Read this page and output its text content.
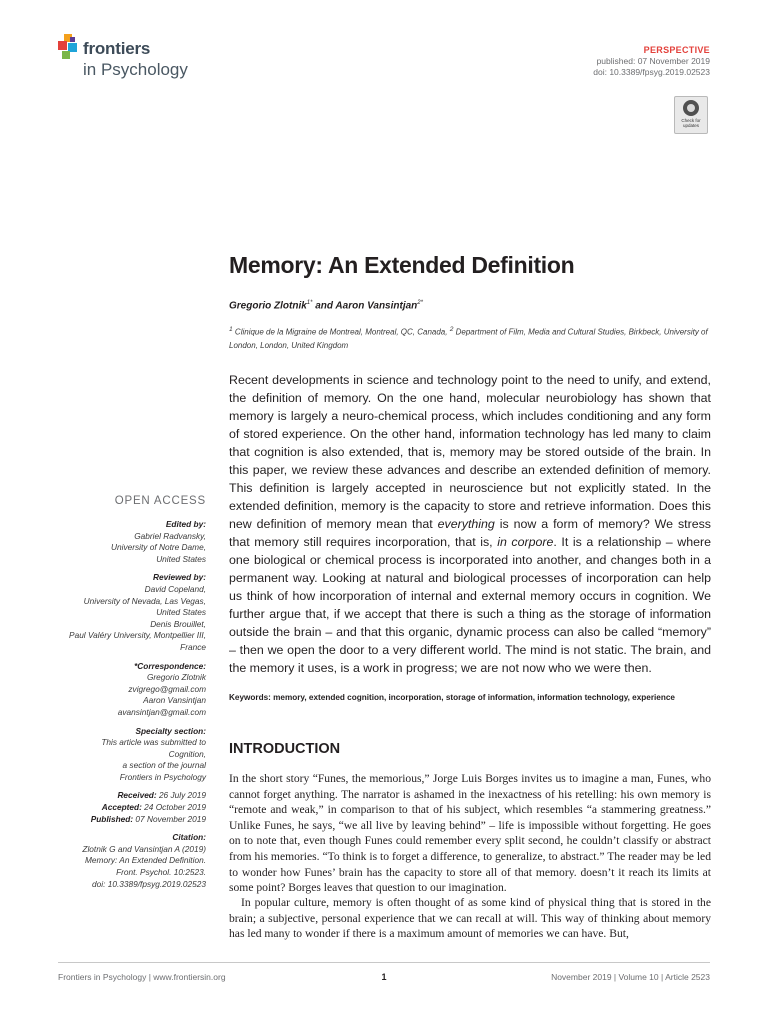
frontiers
in Psychology
PERSPECTIVE
published: 07 November 2019
doi: 10.3389/fpsyg.2019.02523
Check for updates
Memory: An Extended Definition
Gregorio Zlotnik$^{1*}$ and Aaron Vansintjan$^{2*}$
$^1$ Clinique de la Migraine de Montreal, Montreal, QC, Canada, $^2$ Department of Film, Media and Cultural Studies, Birkbeck, University of London, London, United Kingdom
Recent developments in science and technology point to the need to unify, and extend, the definition of memory. On the one hand, molecular neurobiology has shown that memory is largely a neuro-chemical process, which includes conditioning and any form of stored experience. On the other hand, information technology has led many to claim that cognition is also extended, that is, memory may be stored outside of the brain. In this paper, we review these advances and describe an extended definition of memory. This definition is largely accepted in neuroscience but not explicitly stated. In the extended definition, memory is the capacity to store and retrieve information. Does this new definition of memory mean that everything is now a form of memory? We stress that memory still requires incorporation, that is, in corpore. It is a relationship – where one biological or chemical process is incorporated into another, and changes both in a permanent way. Looking at natural and biological processes of incorporation can help us think of how incorporation of internal and external memory occurs in cognition. We further argue that, if we accept that there is such a thing as the storage of information outside the brain – and that this organic, dynamic process can also be called “memory” – then we open the door to a very different world. The mind is not static. The brain, and the memory it uses, is a work in progress; we are not now who we were then.
Keywords: memory, extended cognition, incorporation, storage of information, information technology, experience
OPEN ACCESS
Edited by:
Gabriel Radvansky,
University of Notre Dame,
United States
Reviewed by:
David Copeland,
University of Nevada, Las Vegas,
United States
Denis Brouillet,
Paul Valéry University, Montpellier III,
France
*Correspondence:
Gregorio Zlotnik
zvigrego@gmail.com
Aaron Vansintjan
avansintjan@gmail.com
Specialty section:
This article was submitted to
Cognition,
a section of the journal
Frontiers in Psychology
Received: 26 July 2019
Accepted: 24 October 2019
Published: 07 November 2019
Citation:
Zlotnik G and Vansintjan A (2019)
Memory: An Extended Definition.
Front. Psychol. 10:2523.
doi: 10.3389/fpsyg.2019.02523
INTRODUCTION
In the short story “Funes, the memorious,” Jorge Luis Borges invites us to imagine a man, Funes, who cannot forget anything. The narrator is ashamed in the inexactness of his retelling: his own memory is “remote and weak,” in comparison to that of his subject, which resembles “a stammering greatness.” Unlike Funes, he says, “we all live by leaving behind” – life is impossible without forgetting. He goes on to note that, even though Funes could remember every split second, he couldn’t classify or abstract from his memories. “To think is to forget a difference, to generalize, to abstract.” The reader may be led to wonder how Funes’ brain has the capacity to store all of that memory. doesn’t it reach its limits at some point? Borges leaves that question to our imagination.
In popular culture, memory is often thought of as some kind of physical thing that is stored in the brain; a subjective, personal experience that we can recall at will. This way of thinking about memory has led many to wonder if there is a maximum amount of memories we can have. But,
Frontiers in Psychology | www.frontiersin.org	1	November 2019 | Volume 10 | Article 2523
